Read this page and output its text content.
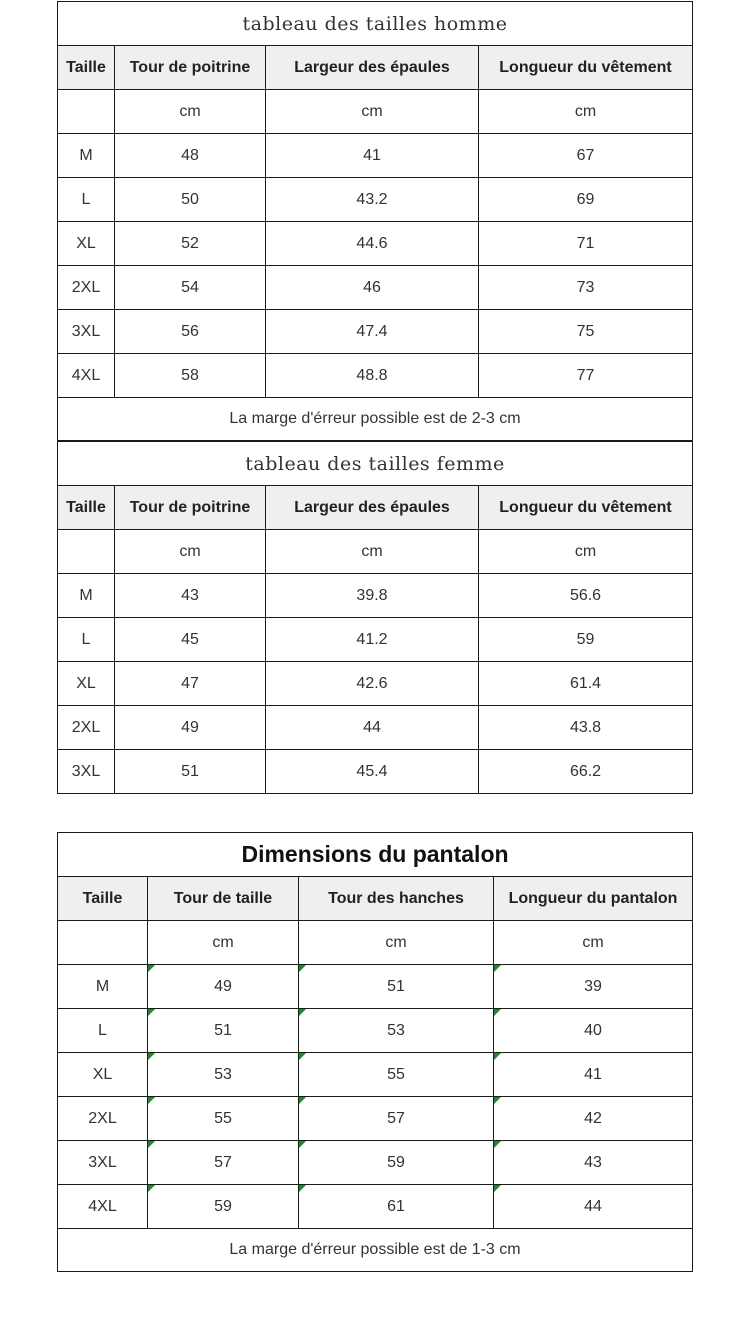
tableau des tailles homme			
Taille	Tour de poitrine	Largeur des épaules	Longueur du vêtement
	cm	cm	cm
M	48	41	67
L	50	43.2	69
XL	52	44.6	71
2XL	54	46	73
3XL	56	47.4	75
4XL	58	48.8	77
La marge d'érreur possible est de 2-3 cm			
tableau des tailles femme			
Taille	Tour de poitrine	Largeur des épaules	Longueur du vêtement
	cm	cm	cm
M	43	39.8	56.6
L	45	41.2	59
XL	47	42.6	61.4
2XL	49	44	43.8
3XL	51	45.4	66.2
Dimensions du pantalon			
Taille	Tour de taille	Tour des hanches	Longueur du pantalon
	cm	cm	cm
M	49	51	39
L	51	53	40
XL	53	55	41
2XL	55	57	42
3XL	57	59	43
4XL	59	61	44
La marge d'érreur possible est de 1-3 cm			
